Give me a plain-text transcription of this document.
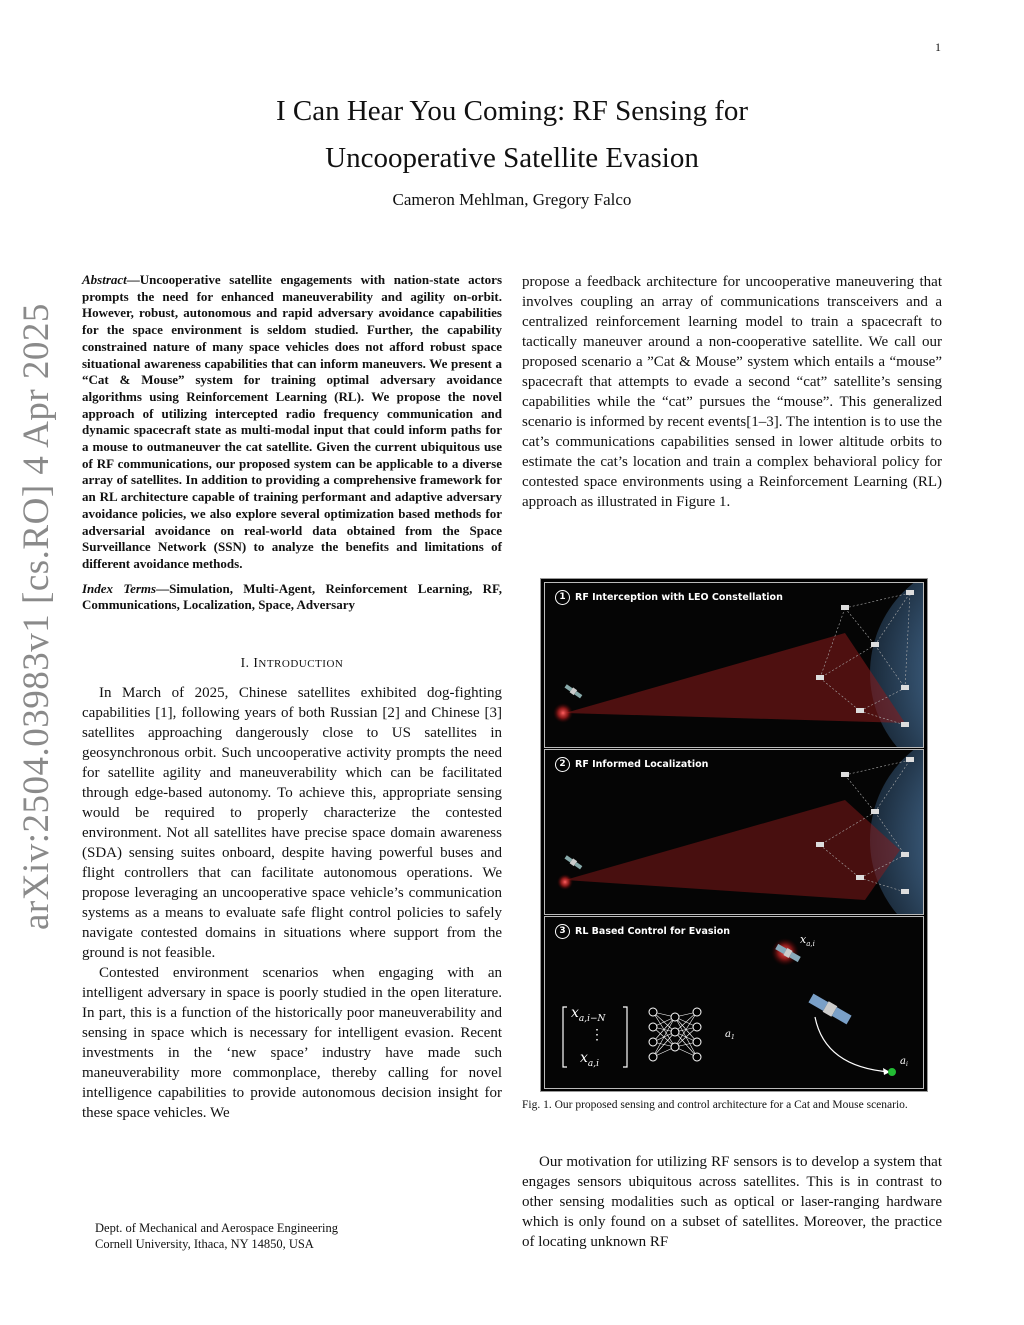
1
arXiv:2504.03983v1 [cs.RO] 4 Apr 2025
I Can Hear You Coming: RF Sensing for Uncooperative Satellite Evasion
Cameron Mehlman, Gregory Falco

Abstract—Uncooperative satellite engagements with nation-state actors prompts the need for enhanced maneuverability and agility on-orbit. However, robust, autonomous and rapid adversary avoidance capabilities for the space environment is seldom studied. Further, the capability constrained nature of many space vehicles does not afford robust space situational awareness capabilities that can inform maneuvers. We present a “Cat & Mouse” system for training optimal adversary avoidance algorithms using Reinforcement Learning (RL). We propose the novel approach of utilizing intercepted radio frequency communication and dynamic spacecraft state as multi-modal input that could inform paths for a mouse to outmaneuver the cat satellite. Given the current ubiquitous use of RF communications, our proposed system can be applicable to a diverse array of satellites. In addition to providing a comprehensive framework for an RL architecture capable of training performant and adaptive adversary avoidance policies, we also explore several optimization based methods for adversarial avoidance on real-world data obtained from the Space Surveillance Network (SSN) to analyze the benefits and limitations of different avoidance methods.

Index Terms—Simulation, Multi-Agent, Reinforcement Learning, RF, Communications, Localization, Space, Adversary

I. INTRODUCTION

In March of 2025, Chinese satellites exhibited dog-fighting capabilities [1], following years of both Russian [2] and Chinese [3] satellites approaching dangerously close to US satellites in geosynchronous orbit. Such uncooperative activity prompts the need for satellite agility and maneuverability which can be facilitated through edge-based autonomy. To achieve this, appropriate sensing would be required to properly characterize the contested environment. Not all satellites have precise space domain awareness (SDA) sensing suites onboard, despite having powerful buses and flight controllers that can facilitate autonomous operations. We propose leveraging an uncooperative space vehicle’s communication systems as a means to evaluate safe flight control policies to safely navigate contested domains in situations where support from the ground is not feasible.

Contested environment scenarios when engaging with an intelligent adversary in space is poorly studied in the open literature. In part, this is a function of the historically poor maneuverability and sensing in space which is necessary for intelligent evasion. Recent investments in the ‘new space’ industry have made such maneuverability more commonplace, thereby calling for novel intelligence capabilities to provide autonomous decision insight for these space vehicles. We

propose a feedback architecture for uncooperative maneuvering that involves coupling an array of communications transceivers and a centralized reinforcement learning model to train a spacecraft to tactically maneuver around a non-cooperative satellite. We call our proposed scenario a ”Cat & Mouse” system which entails a “mouse” spacecraft that attempts to evade a second “cat” satellite’s sensing capabilities while the “cat” pursues the “mouse”. This generalized scenario is informed by recent events[1–3]. The intention is to use the cat’s communications capabilities sensed in lower altitude orbits to estimate the cat’s location and train a complex behavioral policy for contested space environments using a Reinforcement Learning (RL) approach as illustrated in Figure 1.

1 RF Interception with LEO Constellation
2 RF Informed Localization
$x_{a,i}$
$x_{a,i-N}$
⋮
$x_{a,i}$
$a_1$
$a_i$
3 RL Based Control for Evasion
Fig. 1. Our proposed sensing and control architecture for a Cat and Mouse scenario.

Our motivation for utilizing RF sensors is to develop a system that engages sensors ubiquitous across satellites. This is in contrast to other sensing modalities such as optical or laser-ranging hardware which is only found on a subset of satellites. Moreover, the practice of locating unknown RF

Dept. of Mechanical and Aerospace Engineering
Cornell University, Ithaca, NY 14850, USA
